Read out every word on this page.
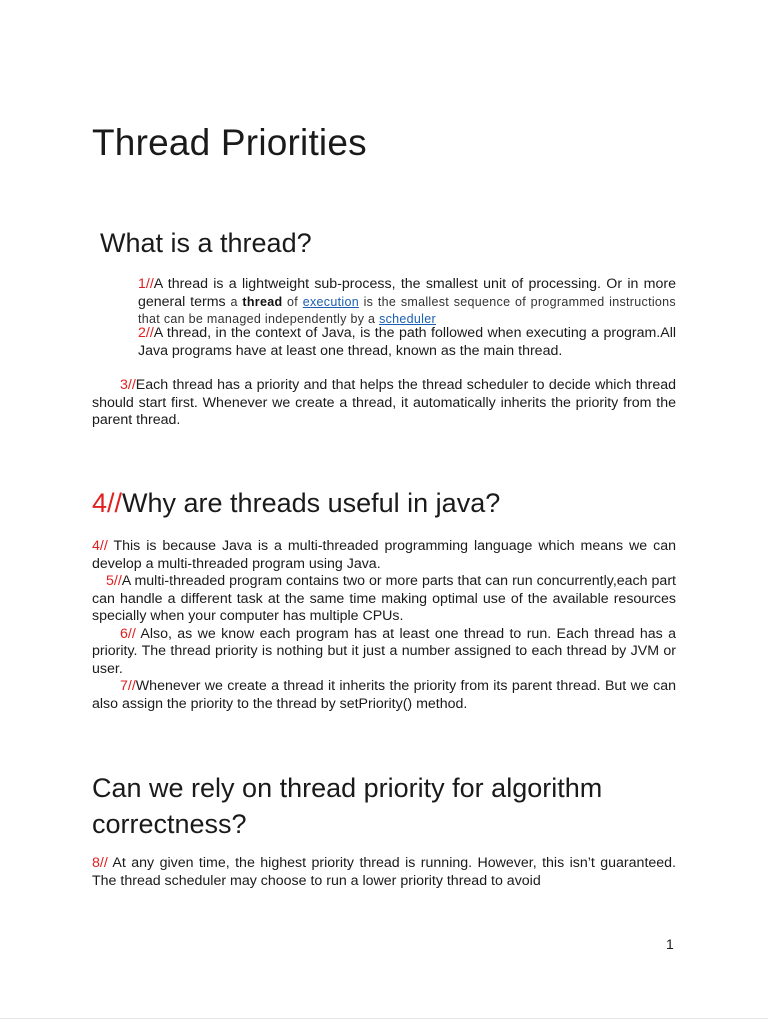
Thread Priorities
What is a thread?
1//A thread is a lightweight sub-process, the smallest unit of processing. Or in more general terms a thread of execution is the smallest sequence of programmed instructions that can be managed independently by a scheduler
2//A thread, in the context of Java, is the path followed when executing a program.All Java programs have at least one thread, known as the main thread.
3//Each thread has a priority and that helps the thread scheduler to decide which thread should start first. Whenever we create a thread, it automatically inherits the priority from the parent thread.
4//Why are threads useful in java?

4// This is because Java is a multi-threaded programming language which means we can develop a multi-threaded program using Java.

5//A multi-threaded program contains two or more parts that can run concurrently,each part can handle a different task at the same time making optimal use of the available resources specially when your computer has multiple CPUs.

6// Also, as we know each program has at least one thread to run. Each thread has a priority. The thread priority is nothing but it just a number assigned to each thread by JVM or user.

7//Whenever we create a thread it inherits the priority from its parent thread. But we can also assign the priority to the thread by setPriority() method.

Can we rely on thread priority for algorithm correctness?

8// At any given time, the highest priority thread is running. However, this isn’t guaranteed. The thread scheduler may choose to run a lower priority thread to avoid

1
